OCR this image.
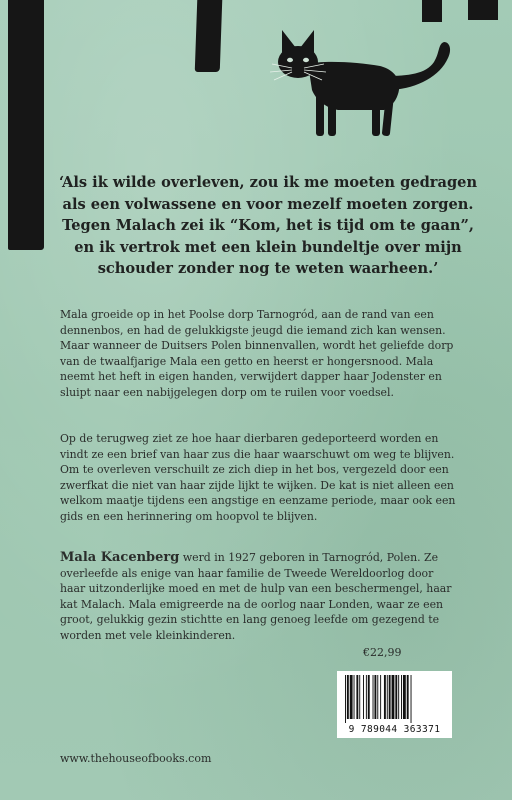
‘Als ik wilde overleven, zou ik me moeten gedragen
als een volwassene en voor mezelf moeten zorgen.
Tegen Malach zei ik “Kom, het is tijd om te gaan”,
en ik vertrok met een klein bundeltje over mijn
schouder zonder nog te weten waarheen.’
Mala groeide op in het Poolse dorp Tarnogród, aan de rand van een
dennenbos, en had de gelukkigste jeugd die iemand zich kan wensen.
Maar wanneer de Duitsers Polen binnenvallen, wordt het geliefde dorp
van de twaalfjarige Mala een getto en heerst er hongersnood. Mala
neemt het heft in eigen handen, verwijdert dapper haar Jodenster en
sluipt naar een nabijgelegen dorp om te ruilen voor voedsel.
Op de terugweg ziet ze hoe haar dierbaren gedeporteerd worden en
vindt ze een brief van haar zus die haar waarschuwt om weg te blijven.
Om te overleven verschuilt ze zich diep in het bos, vergezeld door een
zwerfkat die niet van haar zijde lijkt te wijken. De kat is niet alleen een
welkom maatje tijdens een angstige en eenzame periode, maar ook een
gids en een herinnering om hoopvol te blijven.
Mala Kacenberg werd in 1927 geboren in Tarnogród, Polen. Ze
overleefde als enige van haar familie de Tweede Wereldoorlog door
haar uitzonderlijke moed en met de hulp van een beschermengel, haar
kat Malach. Mala emigreerde na de oorlog naar Londen, waar ze een
groot, gelukkig gezin stichtte en lang genoeg leefde om gezegend te
worden met vele kleinkinderen.
€22,99
9 789044 363371
www.thehouseofbooks.com
